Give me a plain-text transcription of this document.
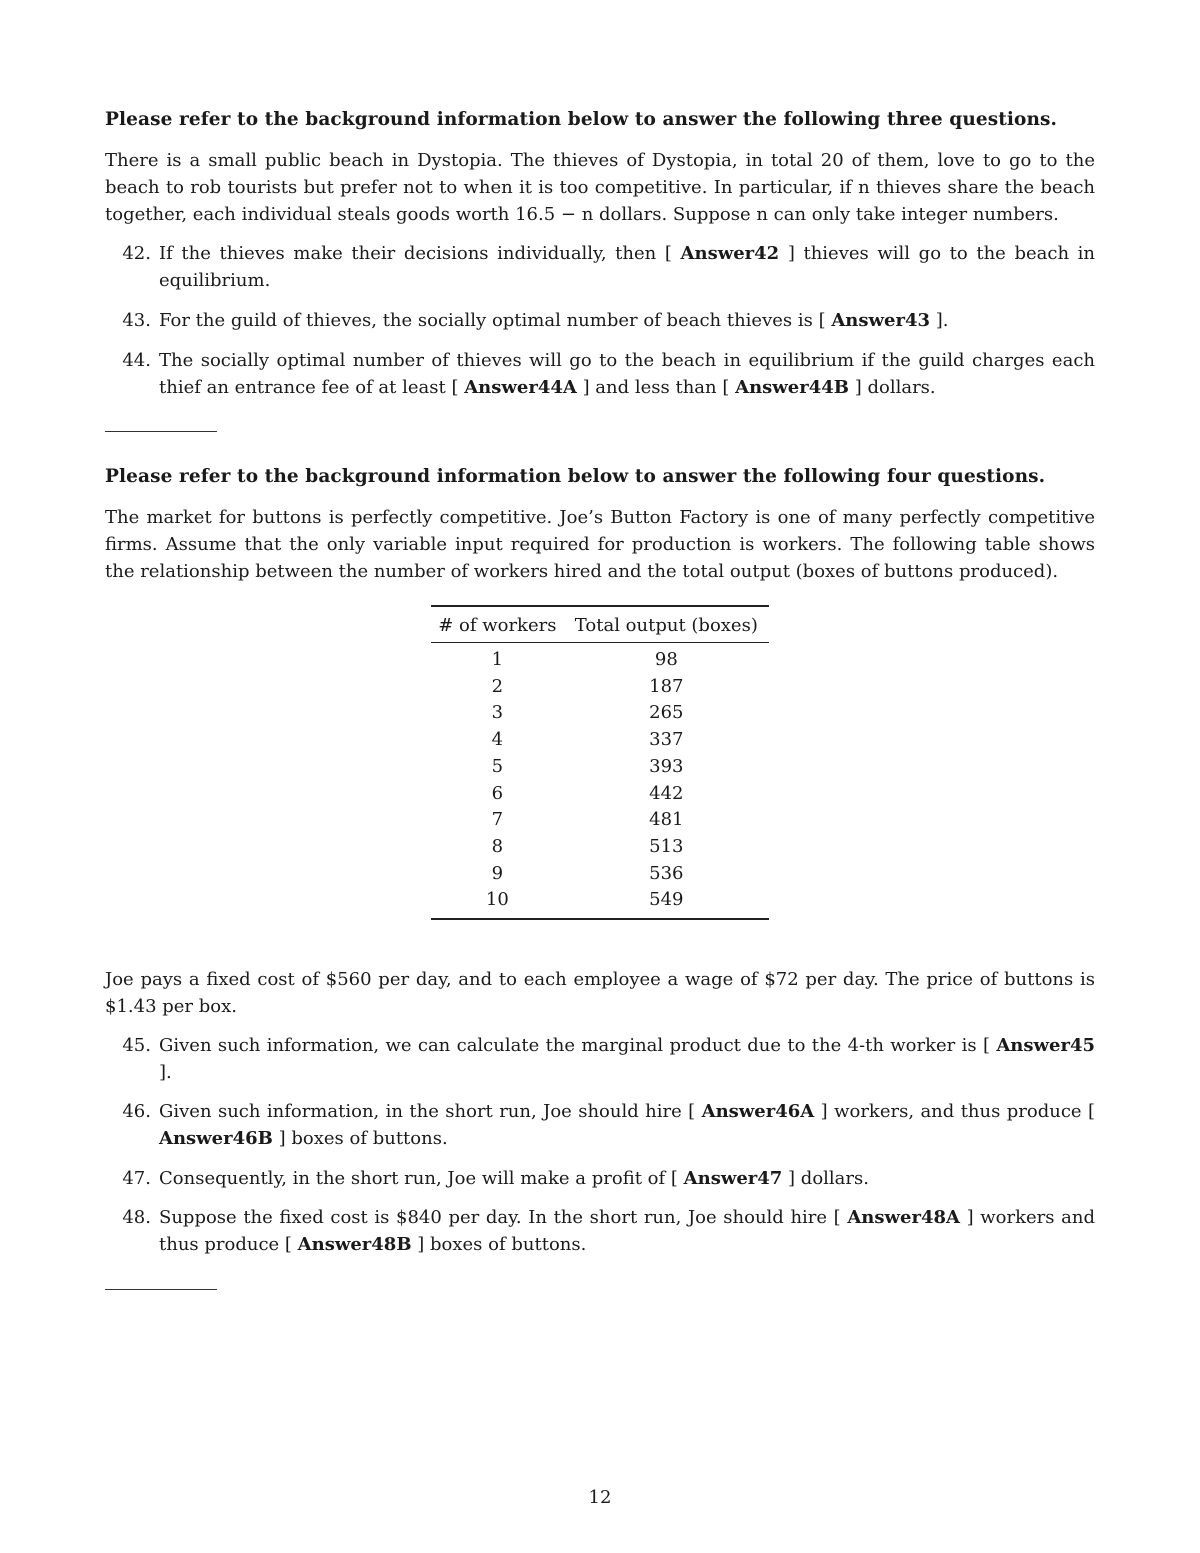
Please refer to the background information below to answer the following three questions.
There is a small public beach in Dystopia. The thieves of Dystopia, in total 20 of them, love to go to the beach to rob tourists but prefer not to when it is too competitive. In particular, if n thieves share the beach together, each individual steals goods worth 16.5 − n dollars. Suppose n can only take integer numbers.
42. If the thieves make their decisions individually, then [ Answer42 ] thieves will go to the beach in equilibrium.
43. For the guild of thieves, the socially optimal number of beach thieves is [ Answer43 ].
44. The socially optimal number of thieves will go to the beach in equilibrium if the guild charges each thief an entrance fee of at least [ Answer44A ] and less than [ Answer44B ] dollars.
Please refer to the background information below to answer the following four questions.
The market for buttons is perfectly competitive. Joe’s Button Factory is one of many perfectly competitive firms. Assume that the only variable input required for production is workers. The following table shows the relationship between the number of workers hired and the total output (boxes of buttons produced).
# of workers	Total output (boxes)
1	98
2	187
3	265
4	337
5	393
6	442
7	481
8	513
9	536
10	549
Joe pays a fixed cost of $560 per day, and to each employee a wage of $72 per day. The price of buttons is $1.43 per box.
45. Given such information, we can calculate the marginal product due to the 4-th worker is [ Answer45 ].
46. Given such information, in the short run, Joe should hire [ Answer46A ] workers, and thus produce [ Answer46B ] boxes of buttons.
47. Consequently, in the short run, Joe will make a profit of [ Answer47 ] dollars.
48. Suppose the fixed cost is $840 per day. In the short run, Joe should hire [ Answer48A ] workers and thus produce [ Answer48B ] boxes of buttons.
12
